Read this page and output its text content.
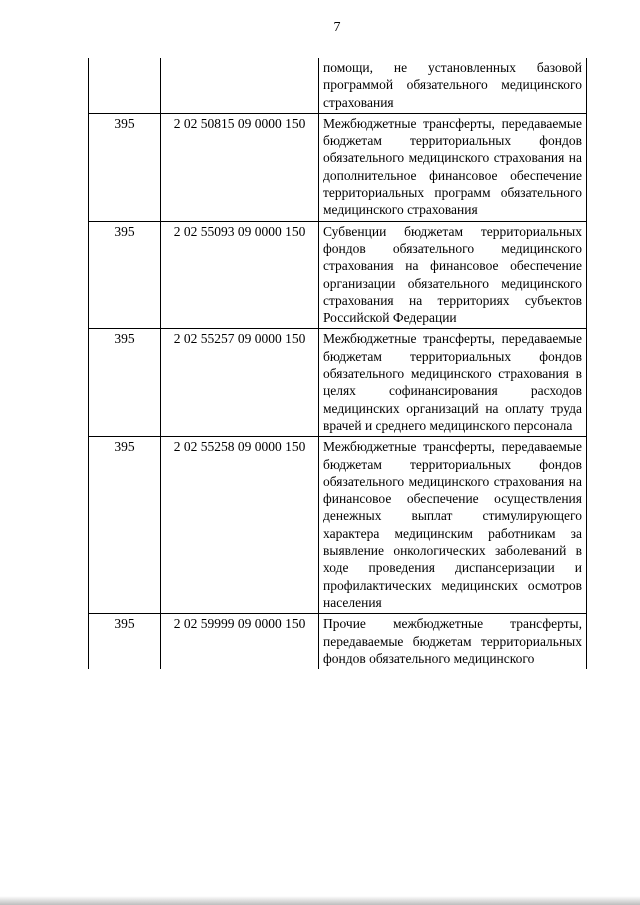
7
		помощи, не установленных базовой программой обязательного медицинского страхования
395	2 02 50815 09 0000 150	Межбюджетные трансферты, передаваемые бюджетам территориальных фондов обязательного медицинского страхования на дополнительное финансовое обеспечение территориальных программ обязательного медицинского страхования
395	2 02 55093 09 0000 150	Субвенции бюджетам территориальных фондов обязательного медицинского страхования на финансовое обеспечение организации обязательного медицинского страхования на территориях субъектов Российской Федерации
395	2 02 55257 09 0000 150	Межбюджетные трансферты, передаваемые бюджетам территориальных фондов обязательного медицинского страхования в целях софинансирования расходов медицинских организаций на оплату труда врачей и среднего медицинского персонала
395	2 02 55258 09 0000 150	Межбюджетные трансферты, передаваемые бюджетам территориальных фондов обязательного медицинского страхования на финансовое обеспечение осуществления денежных выплат стимулирующего характера медицинским работникам за выявление онкологических заболеваний в ходе проведения диспансеризации и профилактических медицинских осмотров населения
395	2 02 59999 09 0000 150	Прочие межбюджетные трансферты, передаваемые бюджетам территориальных фондов обязательного медицинского
